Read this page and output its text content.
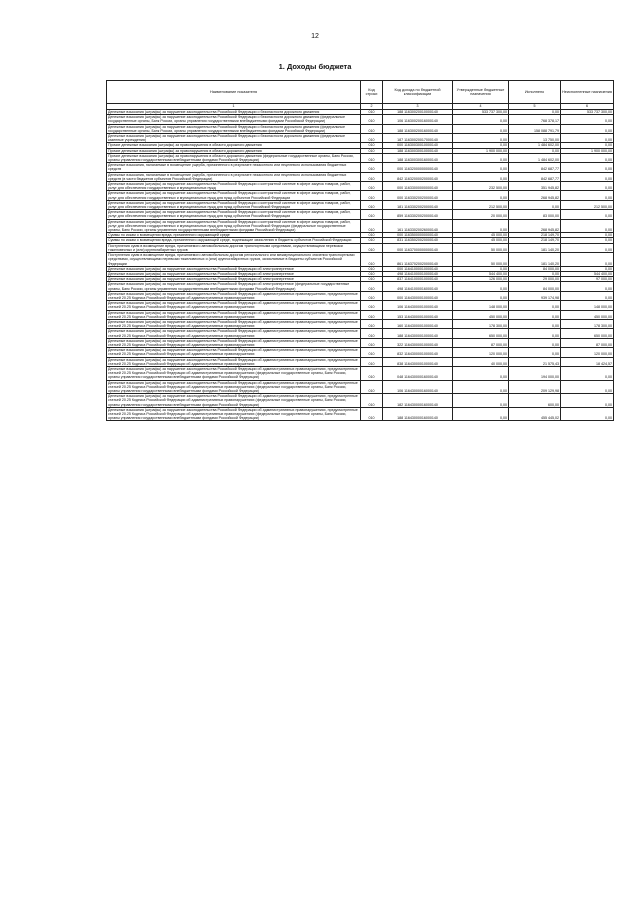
12
1. Доходы бюджета
Наименование показателя	Код строки	Код дохода по бюджетной классификации	Утвержденные бюджетные назначения	Исполнено	Неисполненные назначения
1	2	3	4	5	6
Денежные взыскания (штрафы) за нарушение законодательства Российской Федерации о безопасности дорожного движения	010	188 11630020010000140	533 737 300,00	0,00	533 737 300,00
Денежные взыскания (штрафы) за нарушение законодательства Российской Федерации о безопасности дорожного движения (федеральные государственные органы, Банк России, органы управления государственными внебюджетными фондами Российской Федерации)	010	106 11630020016000140	0,00	768 378,17	0,00
Денежные взыскания (штрафы) за нарушение законодательства Российской Федерации о безопасности дорожного движения (федеральные государственные органы, Банк России, органы управления государственными внебюджетными фондами Российской Федерации)	010	188 11630020016000140	0,00	158 088 791,79	0,00
Денежные взыскания (штрафы) за нарушение законодательства Российской Федерации о безопасности дорожного движения (федеральные казенные учреждения)	010	187 11630020017000140	0,00	13 750,00	0,00
Прочие денежные взыскания (штрафы) за правонарушения в области дорожного движения	010	000 11630030010000140	0,00	1 484 602,00	0,00
Прочие денежные взыскания (штрафы) за правонарушения в области дорожного движения	010	188 11630030010000140	1 900 000,00	0,00	1 900 000,00
Прочие денежные взыскания (штрафы) за правонарушения в области дорожного движения (федеральные государственные органы, Банк России, органы управления государственными внебюджетными фондами Российской Федерации)	010	188 11630030016000140	0,00	1 484 602,00	0,00
Денежные взыскания, налагаемые в возмещение ущерба, причиненного в результате незаконного или нецелевого использования бюджетных средств	010	000 11632000000000140	0,00	842 687,77	0,00
Денежные взыскания, налагаемые в возмещение ущерба, причиненного в результате незаконного или нецелевого использования бюджетных средств (в части бюджетов субъектов Российской Федерации)	010	842 11632000020000140	0,00	842 687,77	0,00
Денежные взыскания (штрафы) за нарушение законодательства Российской Федерации о контрактной системе в сфере закупок товаров, работ, услуг для обеспечения государственных и муниципальных нужд	010	000 11633000000000140	232 500,00	351 945,82	0,00
Денежные взыскания (штрафы) за нарушение законодательства Российской Федерации о контрактной системе в сфере закупок товаров, работ, услуг для обеспечения государственных и муниципальных нужд для нужд субъектов Российской Федерации	010	000 11633020020000140	0,00	268 945,82	0,00
Денежные взыскания (штрафы) за нарушение законодательства Российской Федерации о контрактной системе в сфере закупок товаров, работ, услуг для обеспечения государственных и муниципальных нужд для нужд субъектов Российской Федерации	010	181 11633020020000140	212 500,00	0,00	212 500,00
Денежные взыскания (штрафы) за нарушение законодательства Российской Федерации о контрактной системе в сфере закупок товаров, работ, услуг для обеспечения государственных и муниципальных нужд для нужд субъектов Российской Федерации	010	859 11633020020000140	20 000,00	83 000,00	0,00
Денежные взыскания (штрафы) за нарушение законодательства Российской Федерации о контрактной системе в сфере закупок товаров, работ, услуг для обеспечения государственных и муниципальных нужд для нужд субъектов Российской Федерации (федеральные государственные органы, Банк России, органы управления государственными внебюджетными фондами Российской Федерации)	010	161 11633020026000140	0,00	268 945,82	0,00
Суммы по искам о возмещении вреда, причиненного окружающей среде	010	000 11635000000000140	45 000,00	218 149,70	0,00
Суммы по искам о возмещении вреда, причиненного окружающей среде, подлежащие зачислению в бюджеты субъектов Российской Федерации	010	831 11635020020000140	45 000,00	218 149,70	0,00
Поступления сумм в возмещение вреда, причиняемого автомобильным дорогам транспортными средствами, осуществляющими перевозки тяжеловесных и (или) крупногабаритных грузов	010	000 11637000000000140	50 000,00	181 140,20	0,00
Поступления сумм в возмещение вреда, причиняемого автомобильным дорогам регионального или межмуниципального значения транспортными средствами, осуществляющими перевозки тяжеловесных и (или) крупногабаритных грузов, зачисляемые в бюджеты субъектов Российской Федерации	010	861 11637020020000140	50 000,00	181 140,20	0,00
Денежные взыскания (штрафы) за нарушение законодательства Российской Федерации об электроэнергетике	010	000 11641000010000140	0,00	84 000,00	0,00
Денежные взыскания (штрафы) за нарушение законодательства Российской Федерации об электроэнергетике	010	498 11641000010000140	544 400,00	0,00	544 400,00
Денежные взыскания (штрафы) за нарушение законодательства Российской Федерации об электроэнергетике	010	837 11641000010000140	126 000,00	29 000,00	97 000,00
Денежные взыскания (штрафы) за нарушение законодательства Российской Федерации об электроэнергетике (федеральные государственные органы, Банк России, органы управления государственными внебюджетными фондами Российской Федерации)	010	498 11641000016000140	0,00	84 000,00	0,00
Денежные взыскания (штрафы) за нарушение законодательства Российской Федерации об административных правонарушениях, предусмотренные статьей 20.25 Кодекса Российской Федерации об административных правонарушениях	010	000 11643000010000140	0,00	939 174,98	0,00
Денежные взыскания (штрафы) за нарушение законодательства Российской Федерации об административных правонарушениях, предусмотренные статьей 20.25 Кодекса Российской Федерации об административных правонарушениях	010	106 11643000010000140	148 000,00	0,00	148 000,00
Денежные взыскания (штрафы) за нарушение законодательства Российской Федерации об административных правонарушениях, предусмотренные статьей 20.25 Кодекса Российской Федерации об административных правонарушениях	010	153 11643000010000140	450 000,00	0,00	450 000,00
Денежные взыскания (штрафы) за нарушение законодательства Российской Федерации об административных правонарушениях, предусмотренные статьей 20.25 Кодекса Российской Федерации об административных правонарушениях	010	160 11643000010000140	178 300,00	0,00	178 300,00
Денежные взыскания (штрафы) за нарушение законодательства Российской Федерации об административных правонарушениях, предусмотренные статьей 20.25 Кодекса Российской Федерации об административных правонарушениях	010	188 11643000010000140	650 000,00	0,00	650 000,00
Денежные взыскания (штрафы) за нарушение законодательства Российской Федерации об административных правонарушениях, предусмотренные статьей 20.25 Кодекса Российской Федерации об административных правонарушениях	010	322 11643000010000140	87 000,00	0,00	87 000,00
Денежные взыскания (штрафы) за нарушение законодательства Российской Федерации об административных правонарушениях, предусмотренные статьей 20.25 Кодекса Российской Федерации об административных правонарушениях	010	832 11643000010000140	120 000,00	0,00	120 000,00
Денежные взыскания (штрафы) за нарушение законодательства Российской Федерации об административных правонарушениях, предусмотренные статьей 20.25 Кодекса Российской Федерации об административных правонарушениях	010	838 11643000010000140	40 000,00	21 575,43	18 424,57
Денежные взыскания (штрафы) за нарушение законодательства Российской Федерации об административных правонарушениях, предусмотренные статьей 20.25 Кодекса Российской Федерации об административных правонарушениях (федеральные государственные органы, Банк России, органы управления государственными внебюджетными фондами Российской Федерации)	010	048 11643000016000140	0,00	194 000,00	0,00
Денежные взыскания (штрафы) за нарушение законодательства Российской Федерации об административных правонарушениях, предусмотренные статьей 20.25 Кодекса Российской Федерации об административных правонарушениях (федеральные государственные органы, Банк России, органы управления государственными внебюджетными фондами Российской Федерации)	010	106 11643000016000140	0,00	209 129,98	0,00
Денежные взыскания (штрафы) за нарушение законодательства Российской Федерации об административных правонарушениях, предусмотренные статьей 20.25 Кодекса Российской Федерации об административных правонарушениях (федеральные государственные органы, Банк России, органы управления государственными внебюджетными фондами Российской Федерации)	010	182 11643000016000140	0,00	600,00	0,00
Денежные взыскания (штрафы) за нарушение законодательства Российской Федерации об административных правонарушениях, предусмотренные статьей 20.25 Кодекса Российской Федерации об административных правонарушениях (федеральные государственные органы, Банк России, органы управления государственными внебюджетными фондами Российской Федерации)	010	188 11643000016000140	0,00	455 445,02	0,00
